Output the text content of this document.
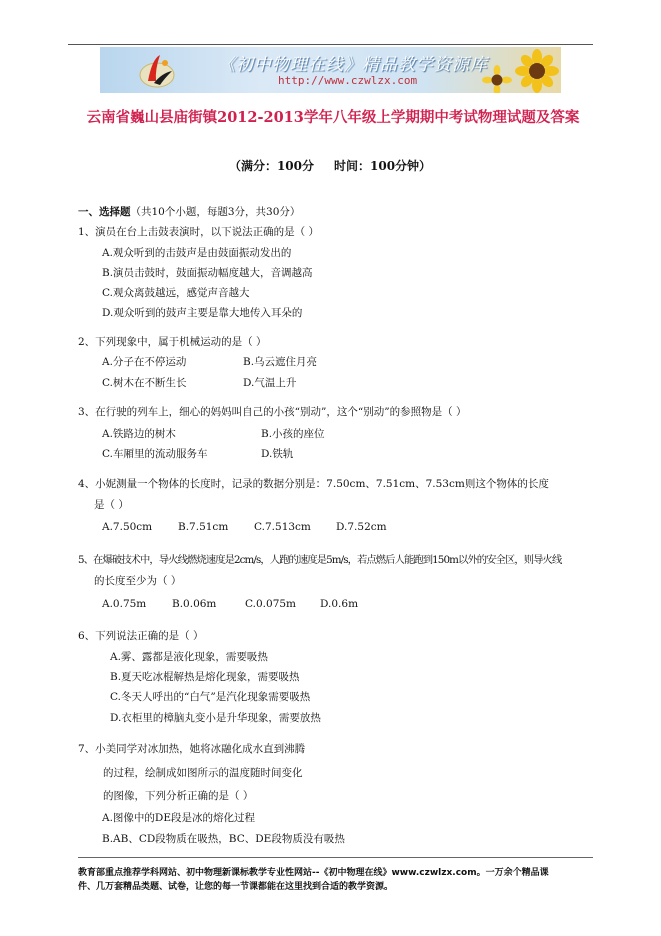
《初中物理在线》精品教学资源库
http://www.czwlzx.com
云南省巍山县庙街镇2012-2013学年八年级上学期期中考试物理试题及答案
（满分：100分 时间：100分钟）
一、选择题（共10个小题，每题3分，共30分）
1、演员在台上击鼓表演时，以下说法正确的是（ ）
A.观众听到的击鼓声是由鼓面振动发出的
B.演员击鼓时，鼓面振动幅度越大，音调越高
C.观众离鼓越远，感觉声音越大
D.观众听到的鼓声主要是靠大地传入耳朵的
2、下列现象中，属于机械运动的是（ ）
A.分子在不停运动	B.乌云遮住月亮
C.树木在不断生长	D.气温上升
3、在行驶的列车上，细心的妈妈叫自己的小孩“别动”，这个“别动”的参照物是（ ）
A.铁路边的树木	B.小孩的座位
C.车厢里的流动服务车	D.铁轨
4、小妮测量一个物体的长度时，记录的数据分别是：7.50cm、7.51cm、7.53cm则这个物体的长度
是（ ）
A.7.50cm B.7.51cm C.7.513cm D.7.52cm
5、在爆破技术中，导火线燃烧速度是2cm/s，人跑的速度是5m/s，若点燃后人能跑到150m以外的安全区，则导火线
的长度至少为（ ）
A.0.75m B.0.06m	C.0.075m D.0.6m
6、下列说法正确的是（ ）
A.雾、露都是液化现象，需要吸热
B.夏天吃冰棍解热是熔化现象，需要吸热
C.冬天人呼出的“白气”是汽化现象需要吸热
D.衣柜里的樟脑丸变小是升华现象，需要放热
7、小美同学对冰加热，她将冰融化成水直到沸腾
的过程，绘制成如图所示的温度随时间变化
的图像，下列分析正确的是（ ）
A.图像中的DE段是冰的熔化过程
B.AB、CD段物质在吸热，BC、DE段物质没有吸热
教育部重点推荐学科网站、初中物理新课标教学专业性网站--《初中物理在线》www.czwlzx.com。一万余个精品课
件、几万套精品类题、试卷，让您的每一节课都能在这里找到合适的教学资源。
